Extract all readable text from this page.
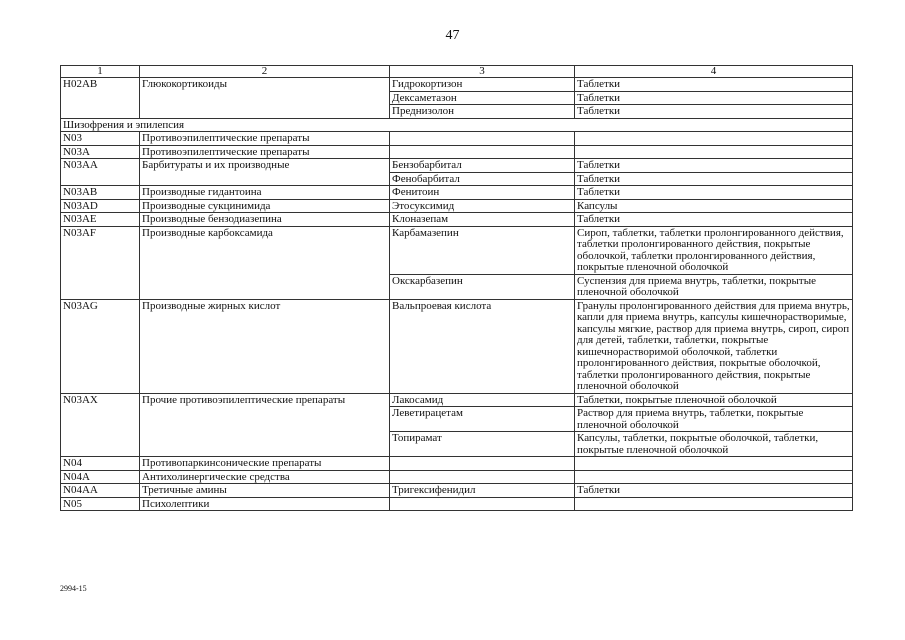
47
1	2	3	4
H02AB	Глюкокортикоиды	Гидрокортизон	Таблетки
		Дексаметазон	Таблетки
		Преднизолон	Таблетки
Шизофрения и эпилепсия			
N03	Противоэпилептические препараты		
N03A	Противоэпилептические препараты		
N03AA	Барбитураты и их производные	Бензобарбитал	Таблетки
		Фенобарбитал	Таблетки
N03AB	Производные гидантоина	Фенитоин	Таблетки
N03AD	Производные сукцинимида	Этосуксимид	Капсулы
N03AE	Производные бензодиазепина	Клоназепам	Таблетки
N03AF	Производные карбоксамида	Карбамазепин	Сироп, таблетки, таблетки пролонгированного действия, таблетки пролонгированного действия, покрытые оболочкой, таблетки пролонгированного действия, покрытые пленочной оболочкой
		Окскарбазепин	Суспензия для приема внутрь, таблетки, покрытые пленочной оболочкой
N03AG	Производные жирных кислот	Вальпроевая кислота	Гранулы пролонгированного действия для приема внутрь, капли для приема внутрь, капсулы кишечнорастворимые, капсулы мягкие, раствор для приема внутрь, сироп, сироп для детей, таблетки, таблетки, покрытые кишечнорастворимой оболочкой, таблетки пролонгированного действия, покрытые оболочкой, таблетки пролонгированного действия, покрытые пленочной оболочкой
N03AX	Прочие противоэпилептические препараты	Лакосамид	Таблетки, покрытые пленочной оболочкой
		Леветирацетам	Раствор для приема внутрь, таблетки, покрытые пленочной оболочкой
		Топирамат	Капсулы, таблетки, покрытые оболочкой, таблетки, покрытые пленочной оболочкой
N04	Противопаркинсонические препараты		
N04A	Антихолинергические средства		
N04AA	Третичные амины	Тригексифенидил	Таблетки
N05	Психолептики		
2994-15
